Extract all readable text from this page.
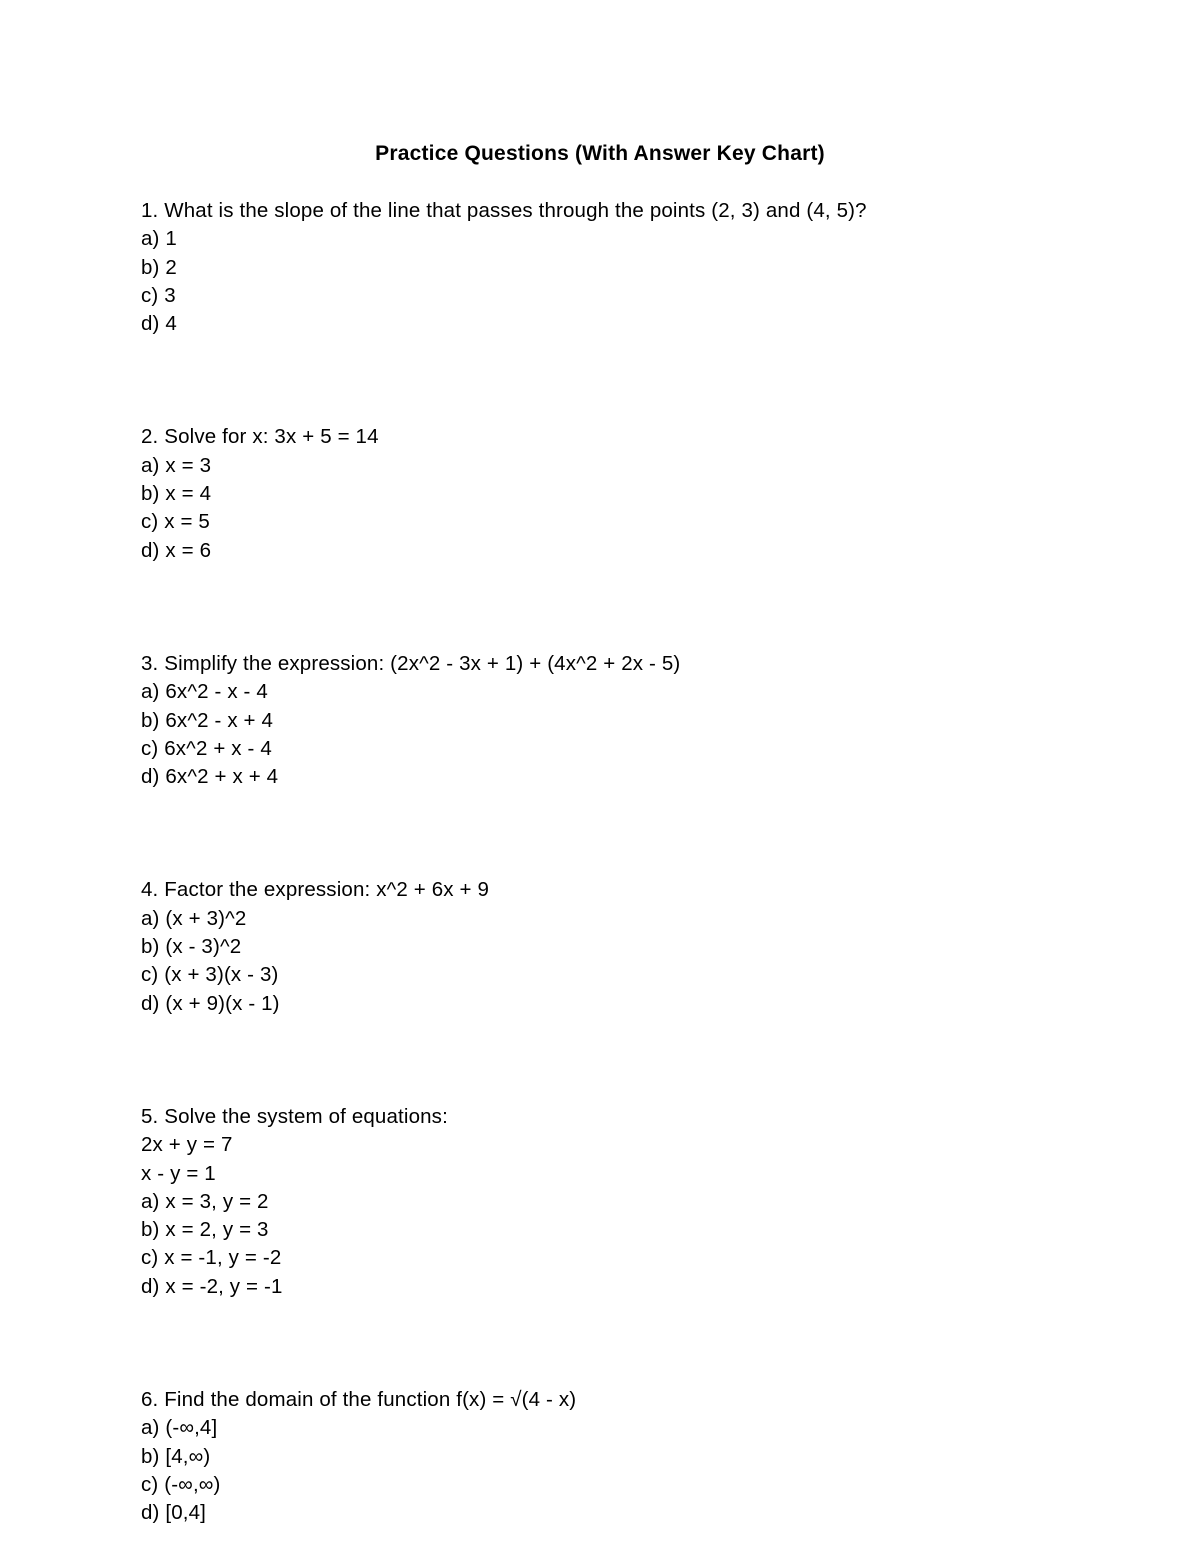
Practice Questions (With Answer Key Chart)
1. What is the slope of the line that passes through the points (2, 3) and (4, 5)?
a) 1
b) 2
c) 3
d) 4
2. Solve for x: 3x + 5 = 14
a) x = 3
b) x = 4
c) x = 5
d) x = 6
3. Simplify the expression: (2x^2 - 3x + 1) + (4x^2 + 2x - 5)
a) 6x^2 - x - 4
b) 6x^2 - x + 4
c) 6x^2 + x - 4
d) 6x^2 + x + 4
4. Factor the expression: x^2 + 6x + 9
a) (x + 3)^2
b) (x - 3)^2
c) (x + 3)(x - 3)
d) (x + 9)(x - 1)
5. Solve the system of equations:
2x + y = 7
x - y = 1
a) x = 3, y = 2
b) x = 2, y = 3
c) x = -1, y = -2
d) x = -2, y = -1
6. Find the domain of the function f(x) = √(4 - x)
a) (-∞,4]
b) [4,∞)
c) (-∞,∞)
d) [0,4]
